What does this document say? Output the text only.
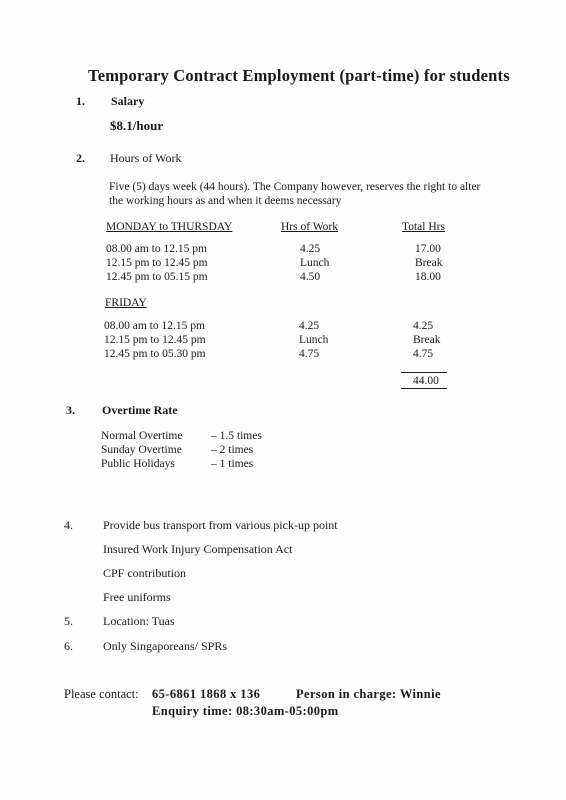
Temporary Contract Employment (part-time) for students
1. Salary
$8.1/hour
2. Hours of Work
Five (5) days week (44 hours). The Company however, reserves the right to alter
the working hours as and when it deems necessary
MONDAY to THURSDAY	Hrs of Work	Total Hrs
08.00 am to 12.15 pm	4.25	17.00
12.15 pm to 12.45 pm	Lunch	Break
12.45 pm to 05.15 pm	4.50	18.00
FRIDAY
08.00 am to 12.15 pm	4.25	4.25
12.15 pm to 12.45 pm	Lunch	Break
12.45 pm to 05.30 pm	4.75	4.75
44.00
3. Overtime Rate
Normal Overtime – 1.5 times
Sunday Overtime	– 2 times
Public Holidays	– 1 times
4.	Provide bus transport from various pick-up point
Insured Work Injury Compensation Act
CPF contribution
Free uniforms
5.	Location: Tuas
6.	Only Singaporeans/ SPRs
Please contact: 65-6861 1868 x 136	Person in charge: Winnie
Enquiry time: 08:30am-05:00pm
